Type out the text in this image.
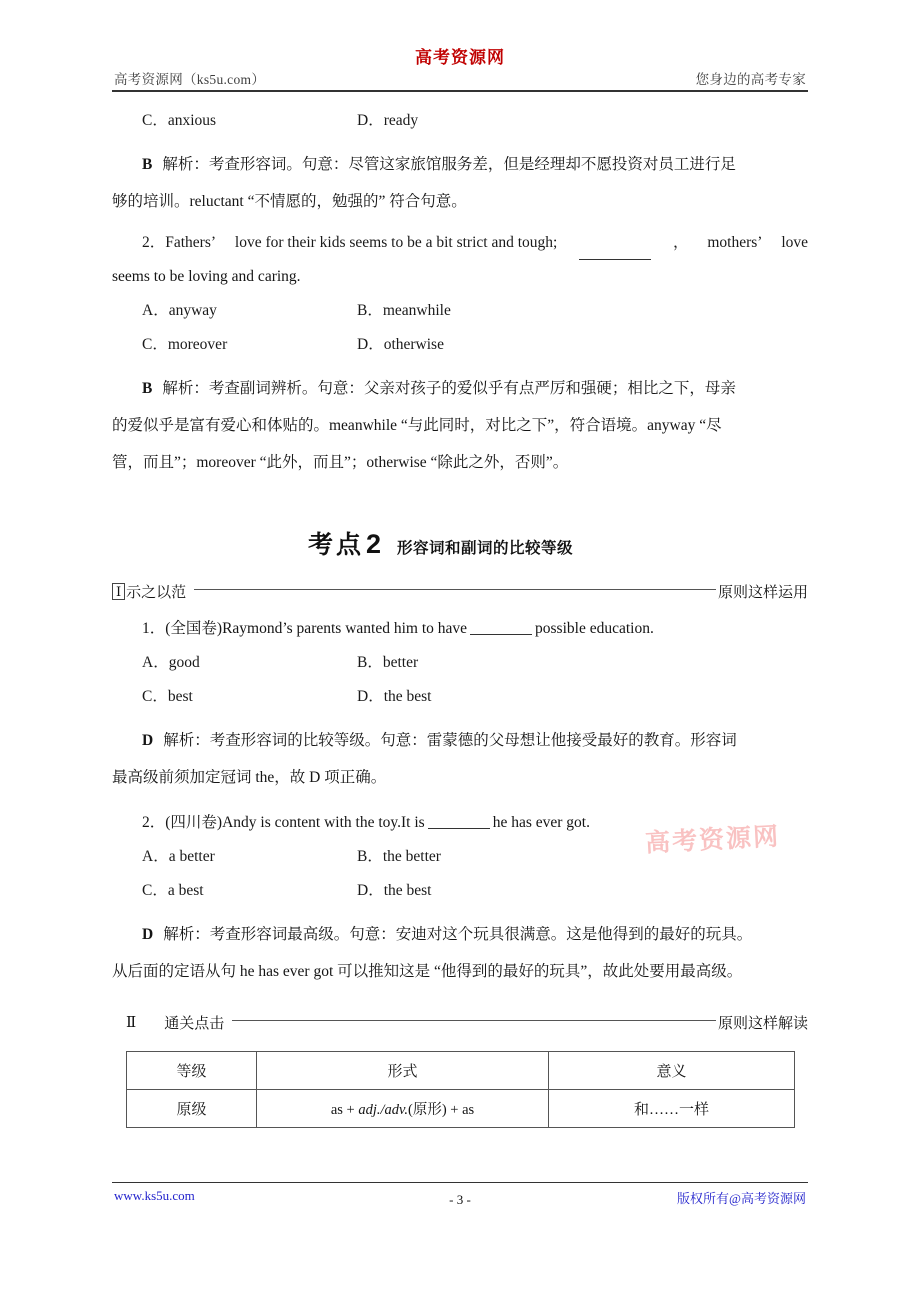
高考资源网
高考资源网（ks5u.com）	您身边的高考专家
C．anxious	D．ready
B 解析：考查形容词。句意：尽管这家旅馆服务差，但是经理却不愿投资对员工进行足
够的培训。reluctant “不情愿的，勉强的” 符合句意。
2．Fathers’ love for their kids seems to be a bit strict and tough;	， mothers’ love
seems to be loving and caring.
A．anyway	B．meanwhile
C．moreover	D．otherwise
B 解析：考查副词辨析。句意：父亲对孩子的爱似乎有点严厉和强硬；相比之下，母亲
的爱似乎是富有爱心和体贴的。meanwhile “与此同时，对比之下”，符合语境。anyway “尽
管，而且”；moreover “此外，而且”；otherwise “除此之外，否则”。
考点 2 形容词和副词的比较等级
Ⅰ 示之以范	原则这样运用
1．(全国卷)Raymond’s parents wanted him to have	possible education.
A．good	B．better
C．best	D．the best
D 解析：考查形容词的比较等级。句意：雷蒙德的父母想让他接受最好的教育。形容词
最高级前须加定冠词 the，故 D 项正确。
2．(四川卷)Andy is content with the toy.It is	he has ever got.
A．a better	B．the better
C．a best	D．the best
D 解析：考查形容词最高级。句意：安迪对这个玩具很满意。这是他得到的最好的玩具。
从后面的定语从句 he has ever got 可以推知这是 “他得到的最好的玩具”，故此处要用最高级。
Ⅱ 通关点击	原则这样解读
等级	形式	意义
原级	as + adj./adv.(原形) + as	和……一样
高考资源网
www.ks5u.com	- 3 -	版权所有@高考资源网
